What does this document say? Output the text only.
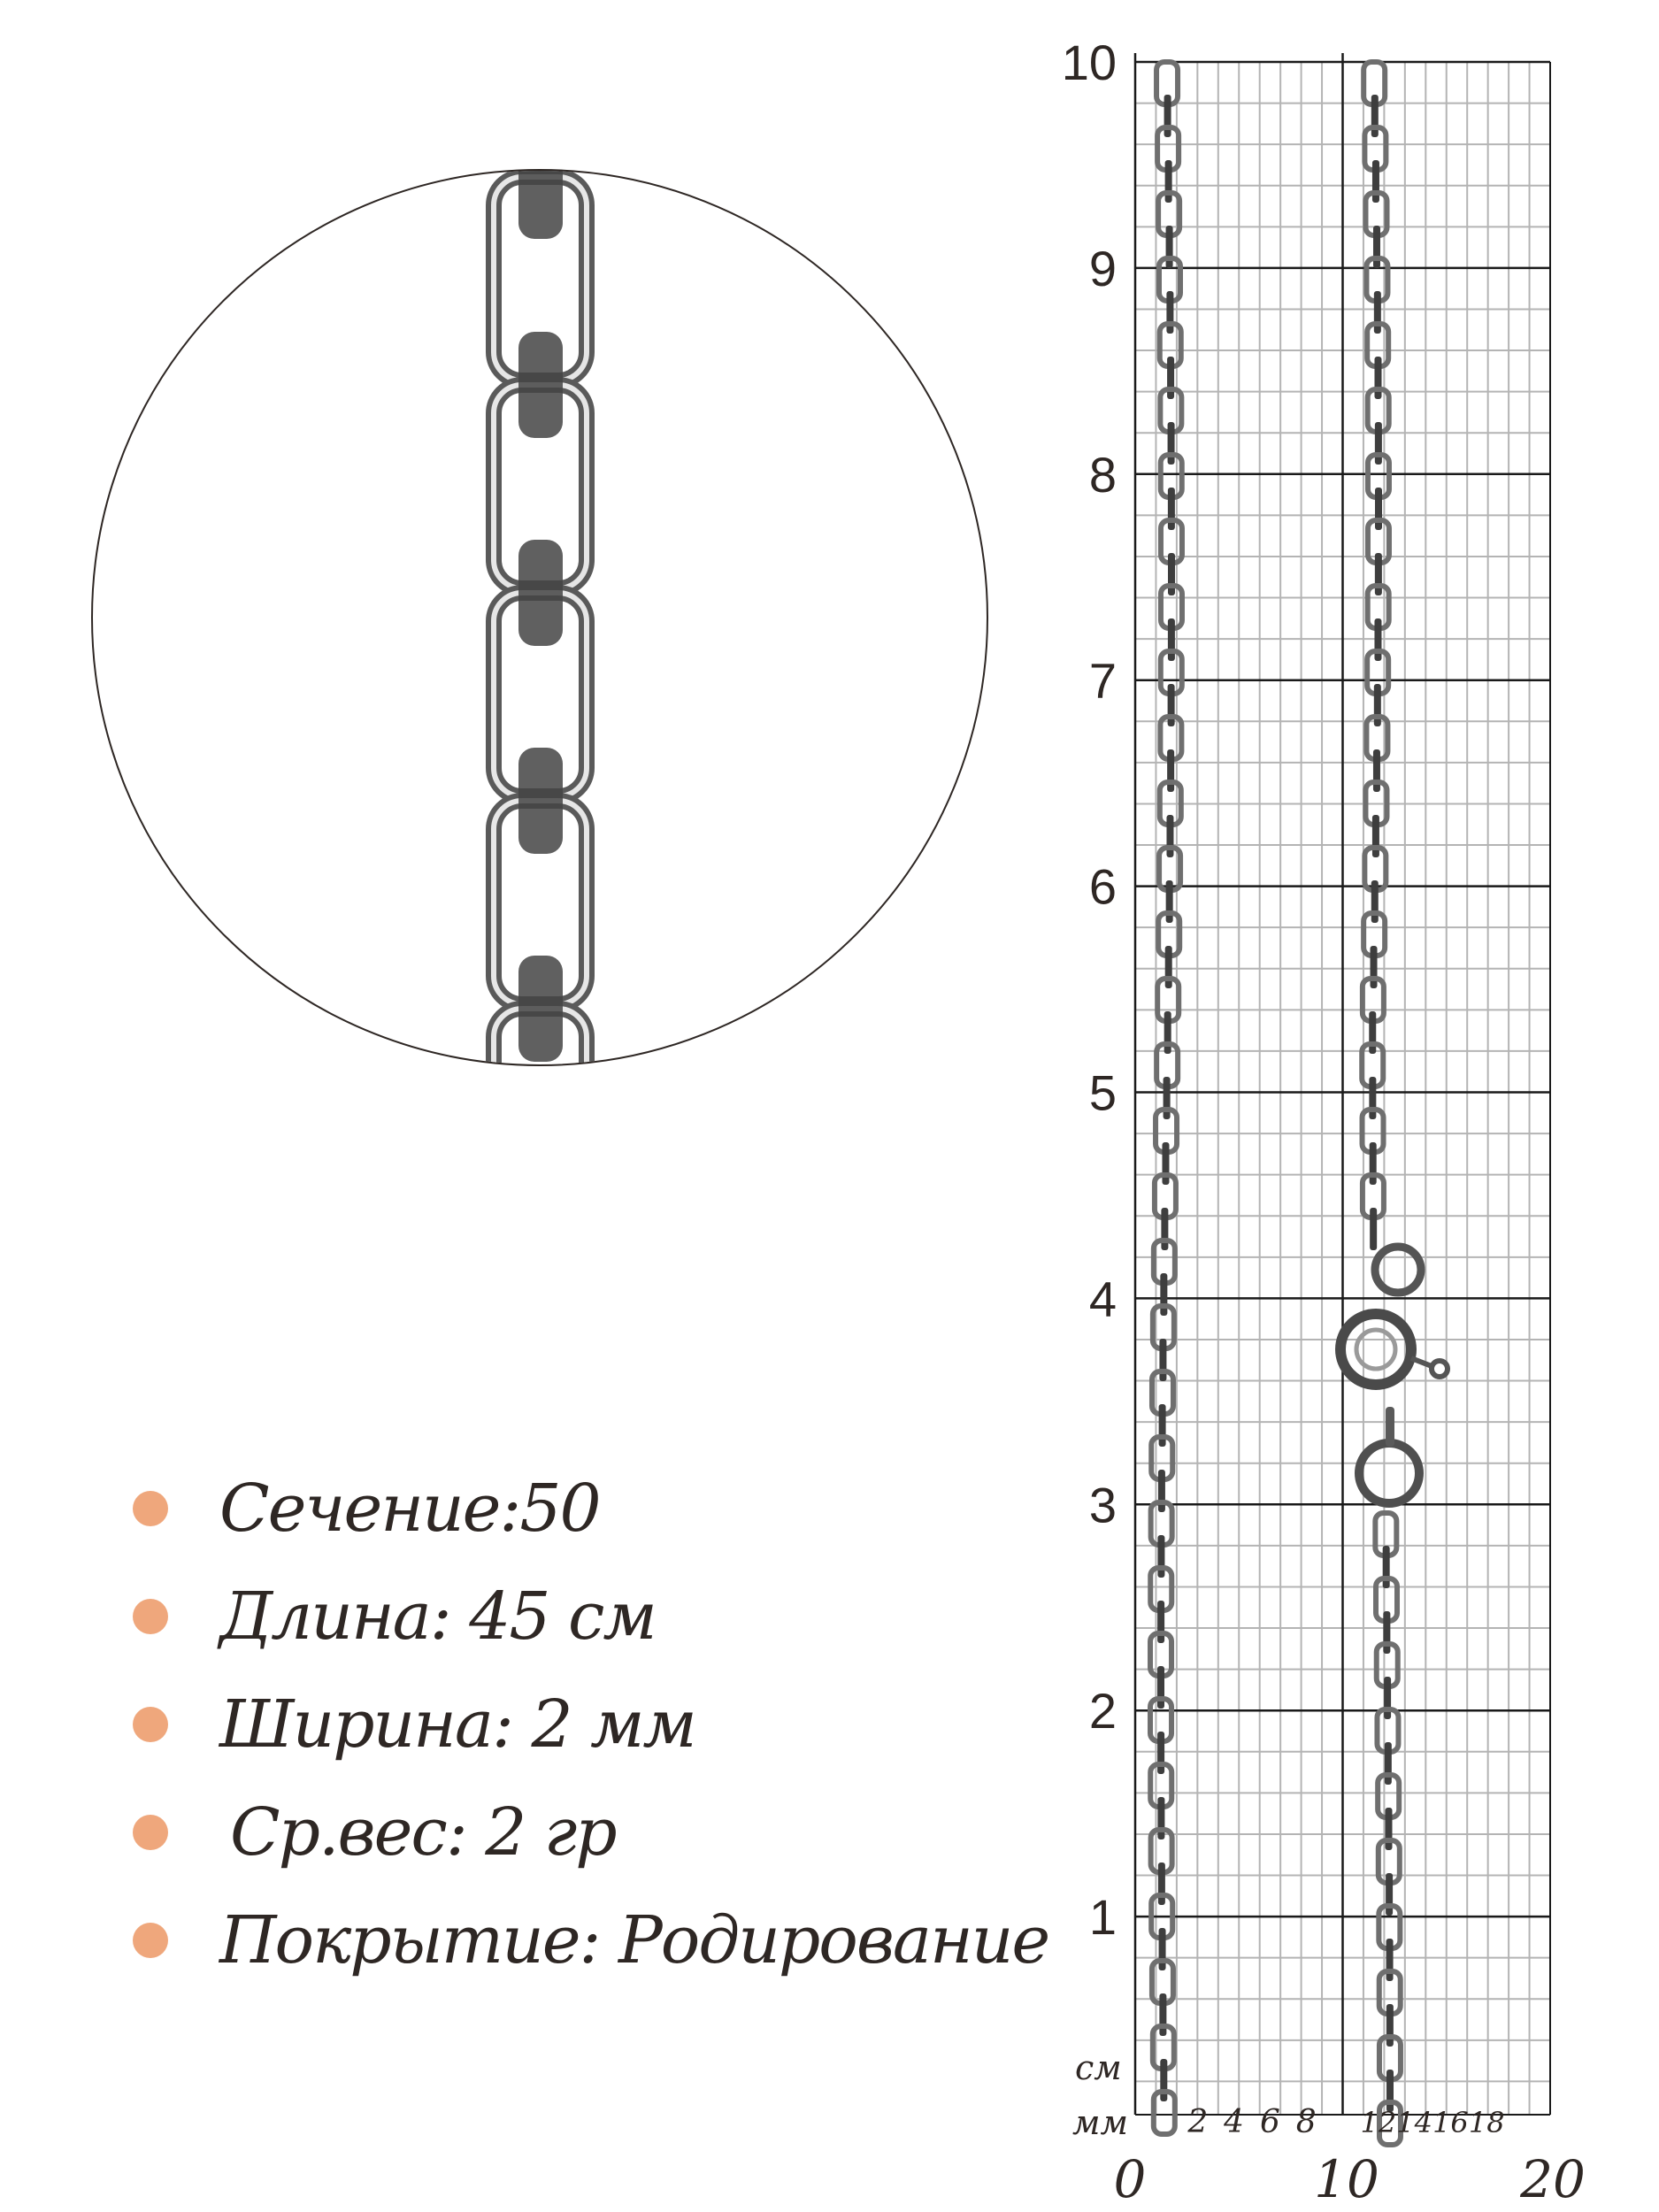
10
9
8
7
6
5
4
3
2
1
см
мм 2 4 6 8 12 14 16 18
0	10	20
Сечение:50
Длина: 45 см
Ширина: 2 мм
Ср.вес: 2 гр
Покрытие: Родирование
